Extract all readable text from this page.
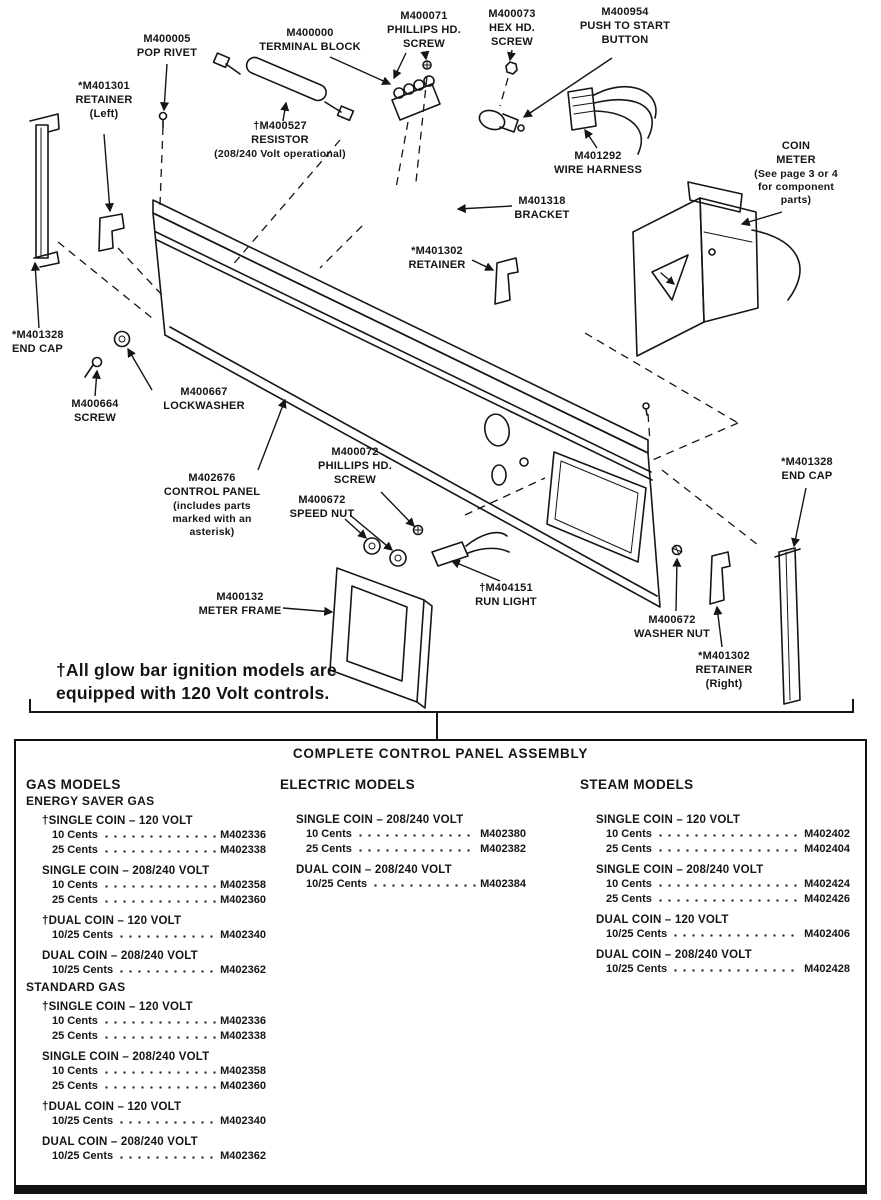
M400005
POP RIVET
M400000
TERMINAL BLOCK
M400071
PHILLIPS HD.
SCREW
M400073
HEX HD.
SCREW
M400954
PUSH TO START
BUTTON
*M401301
RETAINER
(Left)
†M400527
RESISTOR
(208/240 Volt operational)	M401292
WIRE HARNESS
COIN
METER
(See page 3 or 4
for component
parts)
M401318
BRACKET
*M401302
RETAINER
*M401328
END CAP
M400664
SCREW
M400667
LOCKWASHER
M402676
CONTROL PANEL
(includes parts
marked with an
asterisk)
M400072
PHILLIPS HD.
SCREW
M400672
SPEED NUT
*M401328
END CAP
M400132
METER FRAME
†M404151
RUN LIGHT
M400672
WASHER NUT
*M401302
RETAINER
(Right)
†All glow bar ignition models are
equipped with 120 Volt controls.
COMPLETE CONTROL PANEL ASSEMBLY
GAS MODELS
ENERGY SAVER GAS
†SINGLE COIN – 120 VOLT
10 Cents	M402336
25 Cents	M402338
SINGLE COIN – 208/240 VOLT
10 Cents	M402358
25 Cents	M402360
†DUAL COIN – 120 VOLT
10/25 Cents	M402340
DUAL COIN – 208/240 VOLT
10/25 Cents	M402362
STANDARD GAS
†SINGLE COIN – 120 VOLT
10 Cents	M402336
25 Cents	M402338
SINGLE COIN – 208/240 VOLT
10 Cents	M402358
25 Cents	M402360
†DUAL COIN – 120 VOLT
10/25 Cents	M402340
DUAL COIN – 208/240 VOLT
10/25 Cents	M402362
ELECTRIC MODELS
SINGLE COIN – 208/240 VOLT
10 Cents	M402380
25 Cents	M402382
DUAL COIN – 208/240 VOLT
10/25 Cents	M402384
STEAM MODELS
SINGLE COIN – 120 VOLT
10 Cents	M402402
25 Cents	M402404
SINGLE COIN – 208/240 VOLT
10 Cents	M402424
25 Cents	M402426
DUAL COIN – 120 VOLT
10/25 Cents	M402406
DUAL COIN – 208/240 VOLT
10/25 Cents	M402428
